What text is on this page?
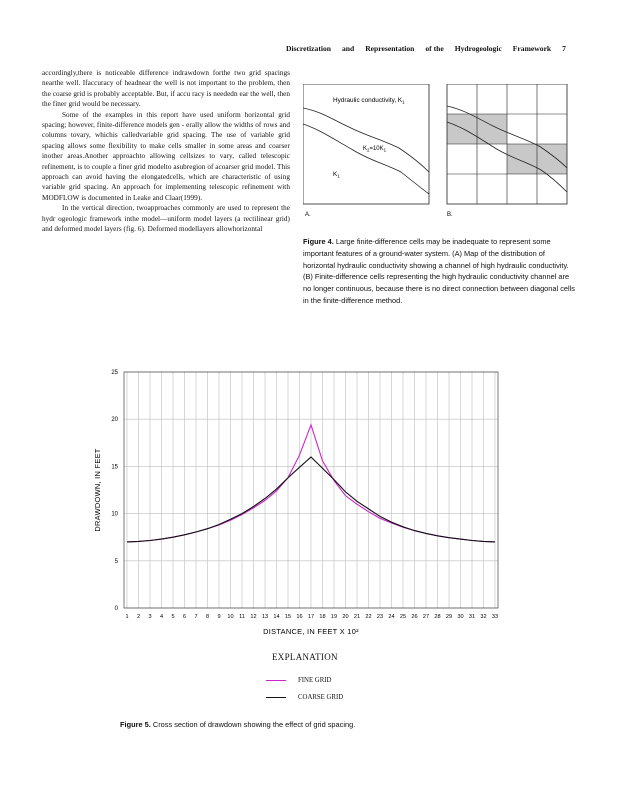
Discretization and Representation of the Hydrogeologic Framework 7

accordingly,there is noticeable difference indrawdown forthe two grid spacings nearthe well. Ifaccuracy of headnear the well is not important to the problem, then the coarse grid is probably acceptable. But, if accu racy is neededn ear the well, then the finer grid would be necessary.

Some of the examples in this report have used uniform horizontal grid spacing; however, finite-difference models gen - erally allow the widths of rows and columns tovary, whichis calledvariable grid spacing. The use of variable grid spacing allows some flexibility to make cells smaller in some areas and coarser inother areas.Another approachto allowing cellsizes to vary, called telescopic refinement, is to couple a finer grid modelto asubregion of acoarser grid model. This approach can avoid having the elongatedcells, which are characteristic of using variable grid spacing. An approach for implementing telescopic refinement with MODFLOW is documented in Leake and Claar(1999).

In the vertical direction, twoapproaches commonly are used to represent the hydr ogeologic framework inthe model—uniform model layers (a rectilinear grid) and deformed model layers (fig. 6). Deformed modellayers allowhorizontal

Hydraulic conductivity, $K_1$
$K_2=10K_1$
$K_1$
A.	B.
Figure 4. Large finite-difference cells may be inadequate to represent some important features of a ground-water system. (A) Map of the distribution of horizontal hydraulic conductivity showing a channel of high hydraulic conductivity. (B) Finite-difference cells representing the high hydraulic conductivity channel are no longer continuous, because there is no direct connection between diagonal cells in the finite-difference method.
0
5
10
15
20
25
1 2 3 4 5 6 7 8 9 10 11 12 13 14 15 16 17 18 19 20 21 22 23 24 25 26 27 28 29 30 31 32 33
DISTANCE, IN FEET X 10²
DRAWDOWN, IN FEET
EXPLANATION
FINE GRID
COARSE GRID
Figure 5. Cross section of drawdown showing the effect of grid spacing.
